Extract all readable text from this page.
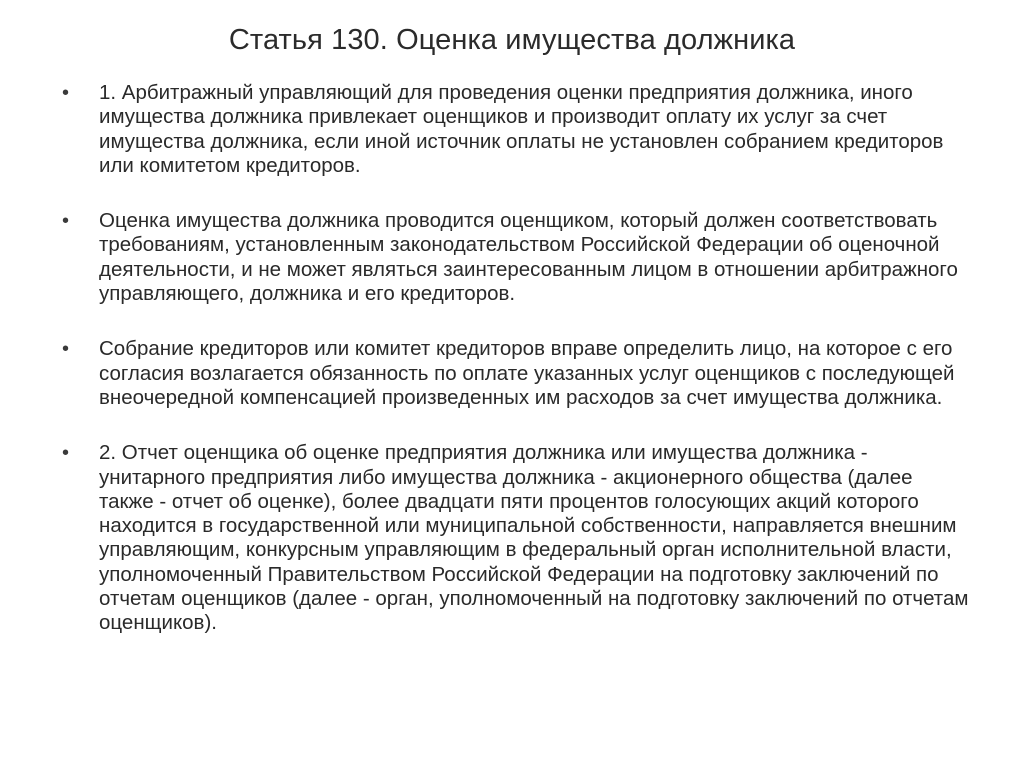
Статья 130. Оценка имущества должника
•	1. Арбитражный управляющий для проведения оценки предприятия должника, иного имущества должника привлекает оценщиков и производит оплату их услуг за счет имущества должника, если иной источник оплаты не установлен собранием кредиторов или комитетом кредиторов.
•	Оценка имущества должника проводится оценщиком, который должен соответствовать требованиям, установленным законодательством Российской Федерации об оценочной деятельности, и не может являться заинтересованным лицом в отношении арбитражного управляющего, должника и его кредиторов.
•	Собрание кредиторов или комитет кредиторов вправе определить лицо, на которое с его согласия возлагается обязанность по оплате указанных услуг оценщиков с последующей внеочередной компенсацией произведенных им расходов за счет имущества должника.
•	2. Отчет оценщика об оценке предприятия должника или имущества должника - унитарного предприятия либо имущества должника - акционерного общества (далее также - отчет об оценке), более двадцати пяти процентов голосующих акций которого находится в государственной или муниципальной собственности, направляется внешним управляющим, конкурсным управляющим в федеральный орган исполнительной власти, уполномоченный Правительством Российской Федерации на подготовку заключений по отчетам оценщиков (далее - орган, уполномоченный на подготовку заключений по отчетам оценщиков).
